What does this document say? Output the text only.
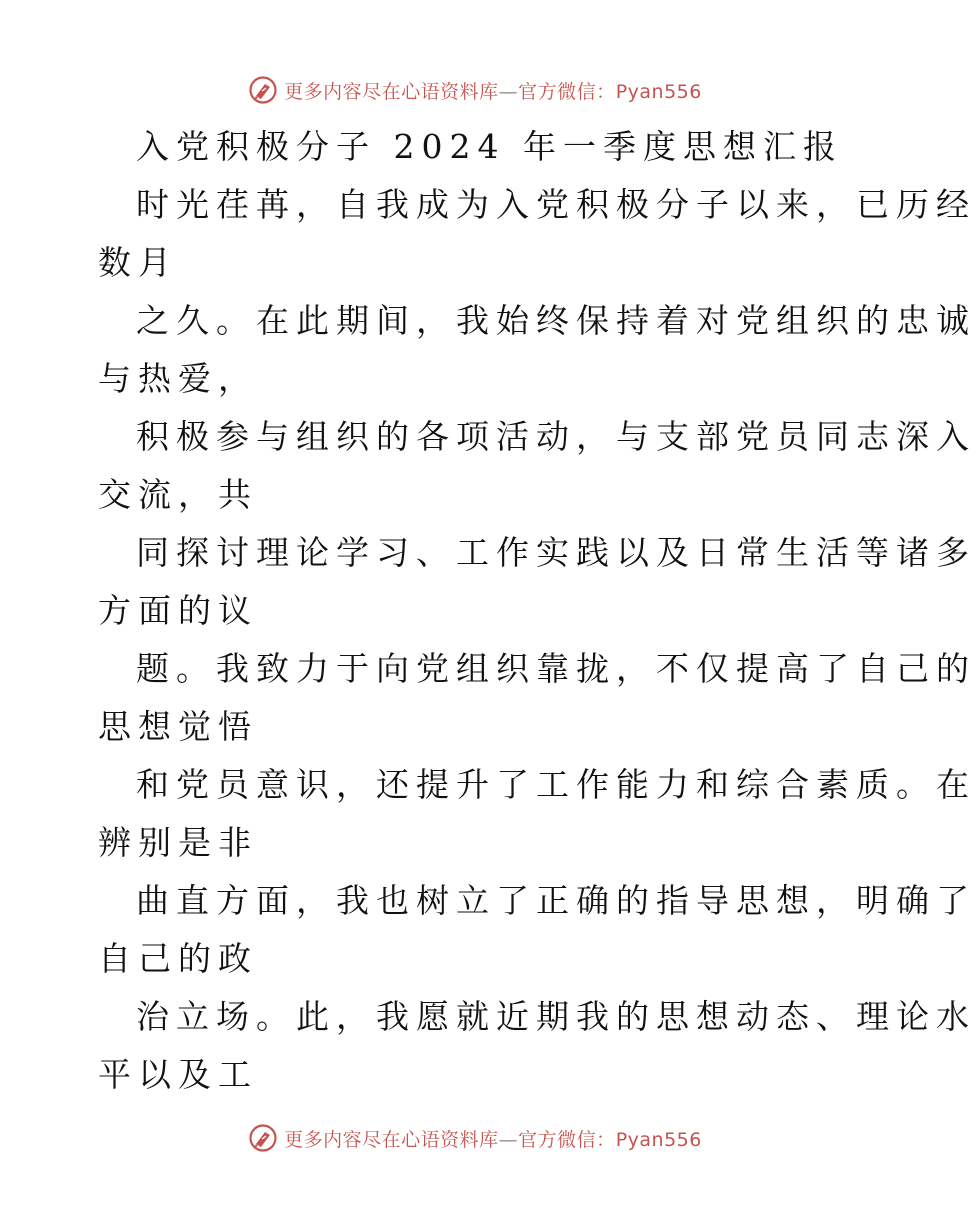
更多内容尽在心语资料库—官方微信：Pyan556
入党积极分子 2024 年一季度思想汇报
时光荏苒，自我成为入党积极分子以来，已历经
数月
之久。在此期间，我始终保持着对党组织的忠诚
与热爱，
积极参与组织的各项活动，与支部党员同志深入
交流，共
同探讨理论学习、工作实践以及日常生活等诸多
方面的议
题。我致力于向党组织靠拢，不仅提高了自己的
思想觉悟
和党员意识，还提升了工作能力和综合素质。在
辨别是非
曲直方面，我也树立了正确的指导思想，明确了
自己的政
治立场。此，我愿就近期我的思想动态、理论水
平以及工
更多内容尽在心语资料库—官方微信：Pyan556
